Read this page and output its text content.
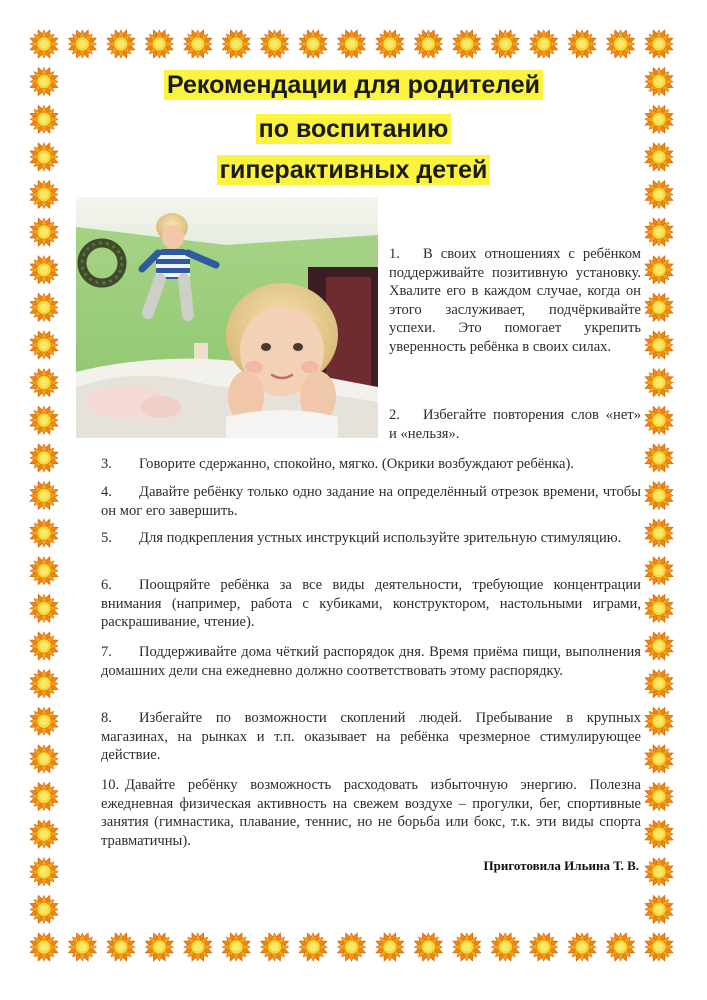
Рекомендации для родителей
по воспитанию
гиперактивных детей

1. В своих отношениях с ребёнком поддерживайте позитивную установку. Хвалите его в каждом случае, когда он этого заслуживает, подчёркивайте успехи. Это помогает укрепить уверенность ребёнка в своих силах.

2. Избегайте повторения слов «нет» и «нельзя».

3. Говорите сдержанно, спокойно, мягко. (Окрики возбуждают ребёнка).

4. Давайте ребёнку только одно задание на определённый отрезок времени, чтобы он мог его завершить.

5. Для подкрепления устных инструкций используйте зрительную стимуляцию.

6. Поощряйте ребёнка за все виды деятельности, требующие концентрации внимания (например, работа с кубиками, конструктором, настольными играми, раскрашивание, чтение).

7. Поддерживайте дома чёткий распорядок дня. Время приёма пищи, выполнения домашних дели сна ежедневно должно соответствовать этому распорядку.

8. Избегайте по возможности скоплений людей. Пребывание в крупных магазинах, на рынках и т.п. оказывает на ребёнка чрезмерное стимулирующее действие.

10. Давайте ребёнку возможность расходовать избыточную энергию. Полезна ежедневная физическая активность на свежем воздухе – прогулки, бег, спортивные занятия (гимнастика, плавание, теннис, но не борьба или бокс, т.к. эти виды спорта травматичны).

Приготовила Ильина Т. В.
